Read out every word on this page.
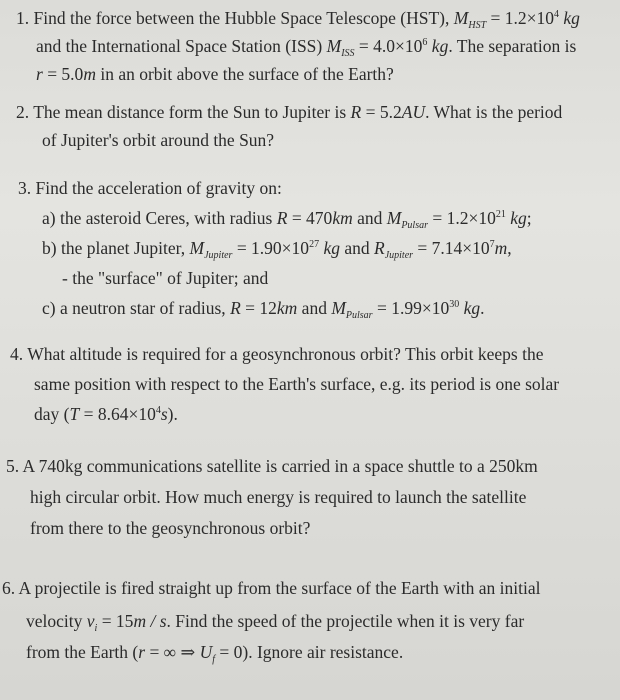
1. Find the force between the Hubble Space Telescope (HST), $M_{HST} = 1.2\times 10^4$ kg
and the International Space Station (ISS) $M_{ISS} = 4.0\times 10^6$ kg. The separation is
r = 5.0m in an orbit above the surface of the Earth?
2. The mean distance form the Sun to Jupiter is R = 5.2AU. What is the period
of Jupiter's orbit around the Sun?
3. Find the acceleration of gravity on:
a) the asteroid Ceres, with radius R = 470km and $M_{Pulsar} = 1.2\times 10^{21}$ kg;
b) the planet Jupiter, $M_{Jupiter} = 1.90\times 10^{27}$ kg and $R_{Jupiter} = 7.14\times 10^7m$,
- the "surface" of Jupiter; and
c) a neutron star of radius, R = 12km and $M_{Pulsar} = 1.99\times 10^{30}$ kg.
4. What altitude is required for a geosynchronous orbit? This orbit keeps the
same position with respect to the Earth's surface, e.g. its period is one solar
day $(T = 8.64\times 10^4s)$.
5. A 740kg communications satellite is carried in a space shuttle to a 250km
high circular orbit. How much energy is required to launch the satellite
from there to the geosynchronous orbit?
6. A projectile is fired straight up from the surface of the Earth with an initial
velocity $v_i = 15m / s$. Find the speed of the projectile when it is very far
from the Earth (r = ∞ ⇒ $U_f = 0$). Ignore air resistance.
